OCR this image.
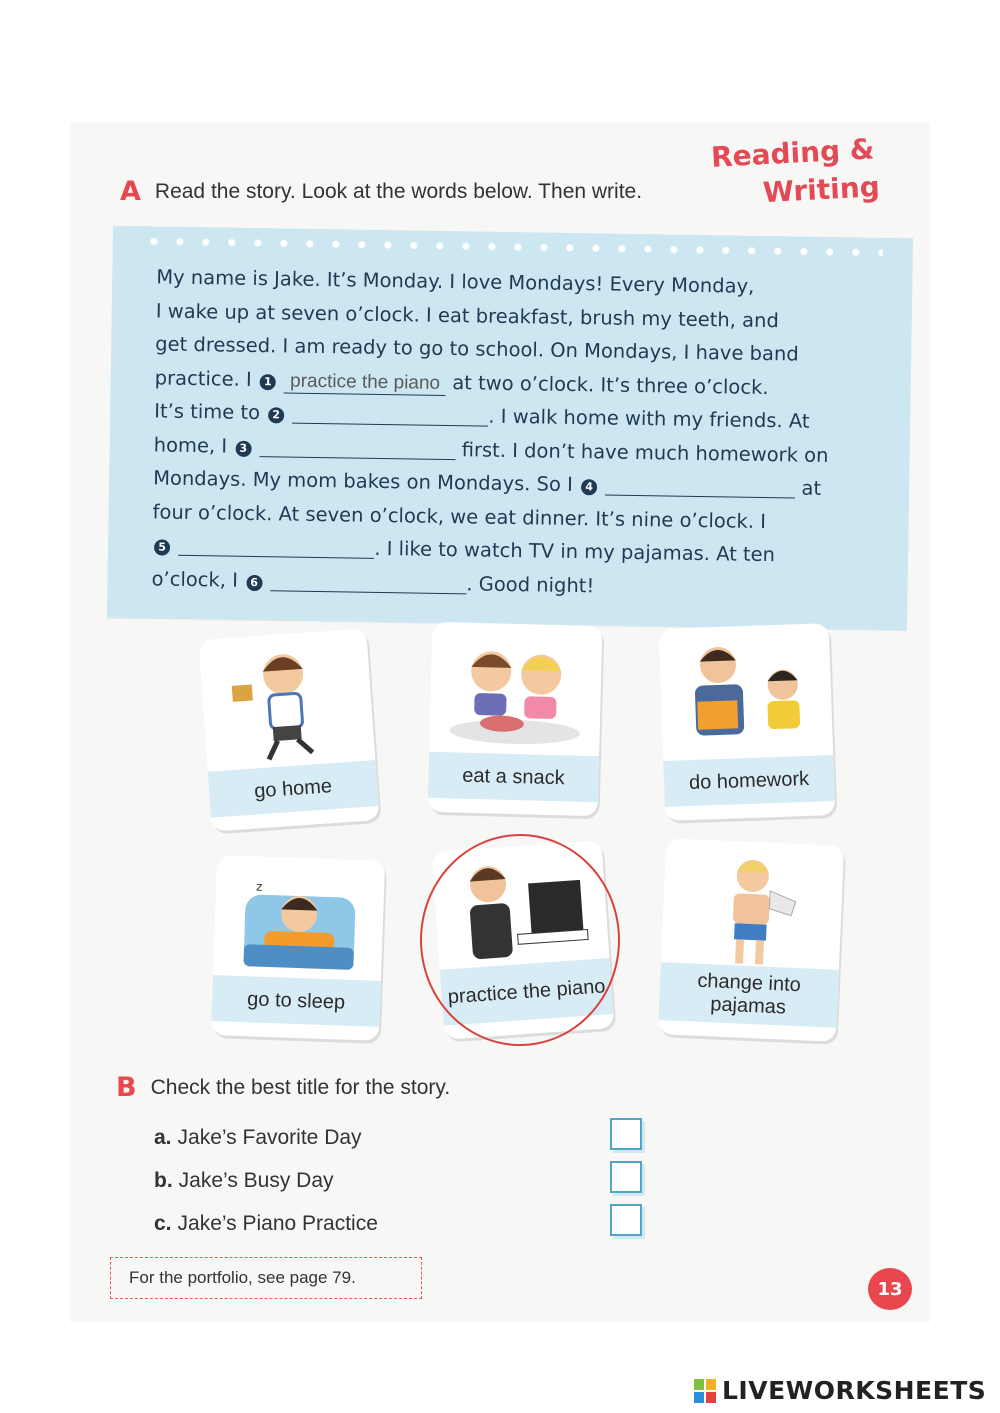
Reading &
Writing
A Read the story. Look at the words below. Then write.
My name is Jake. It’s Monday. I love Mondays! Every Monday,
I wake up at seven o’clock. I eat breakfast, brush my teeth, and
get dressed. I am ready to go to school. On Mondays, I have band
practice. I 1 practice the piano at two o’clock. It’s three o’clock.
It’s time to 2	. I walk home with my friends. At
home, I 3	first. I don’t have much homework on
Mondays. My mom bakes on Mondays. So I 4	at
four o’clock. At seven o’clock, we eat dinner. It’s nine o’clock. I
5	. I like to watch TV in my pajamas. At ten
o’clock, I 6	. Good night!
go home	eat a snack	do homework
z
go to sleep	practice the piano	change into pajamas
B Check the best title for the story.
a. Jake’s Favorite Day
b. Jake’s Busy Day
c. Jake’s Piano Practice
For the portfolio, see page 79.
13
LIVEWORKSHEETS
